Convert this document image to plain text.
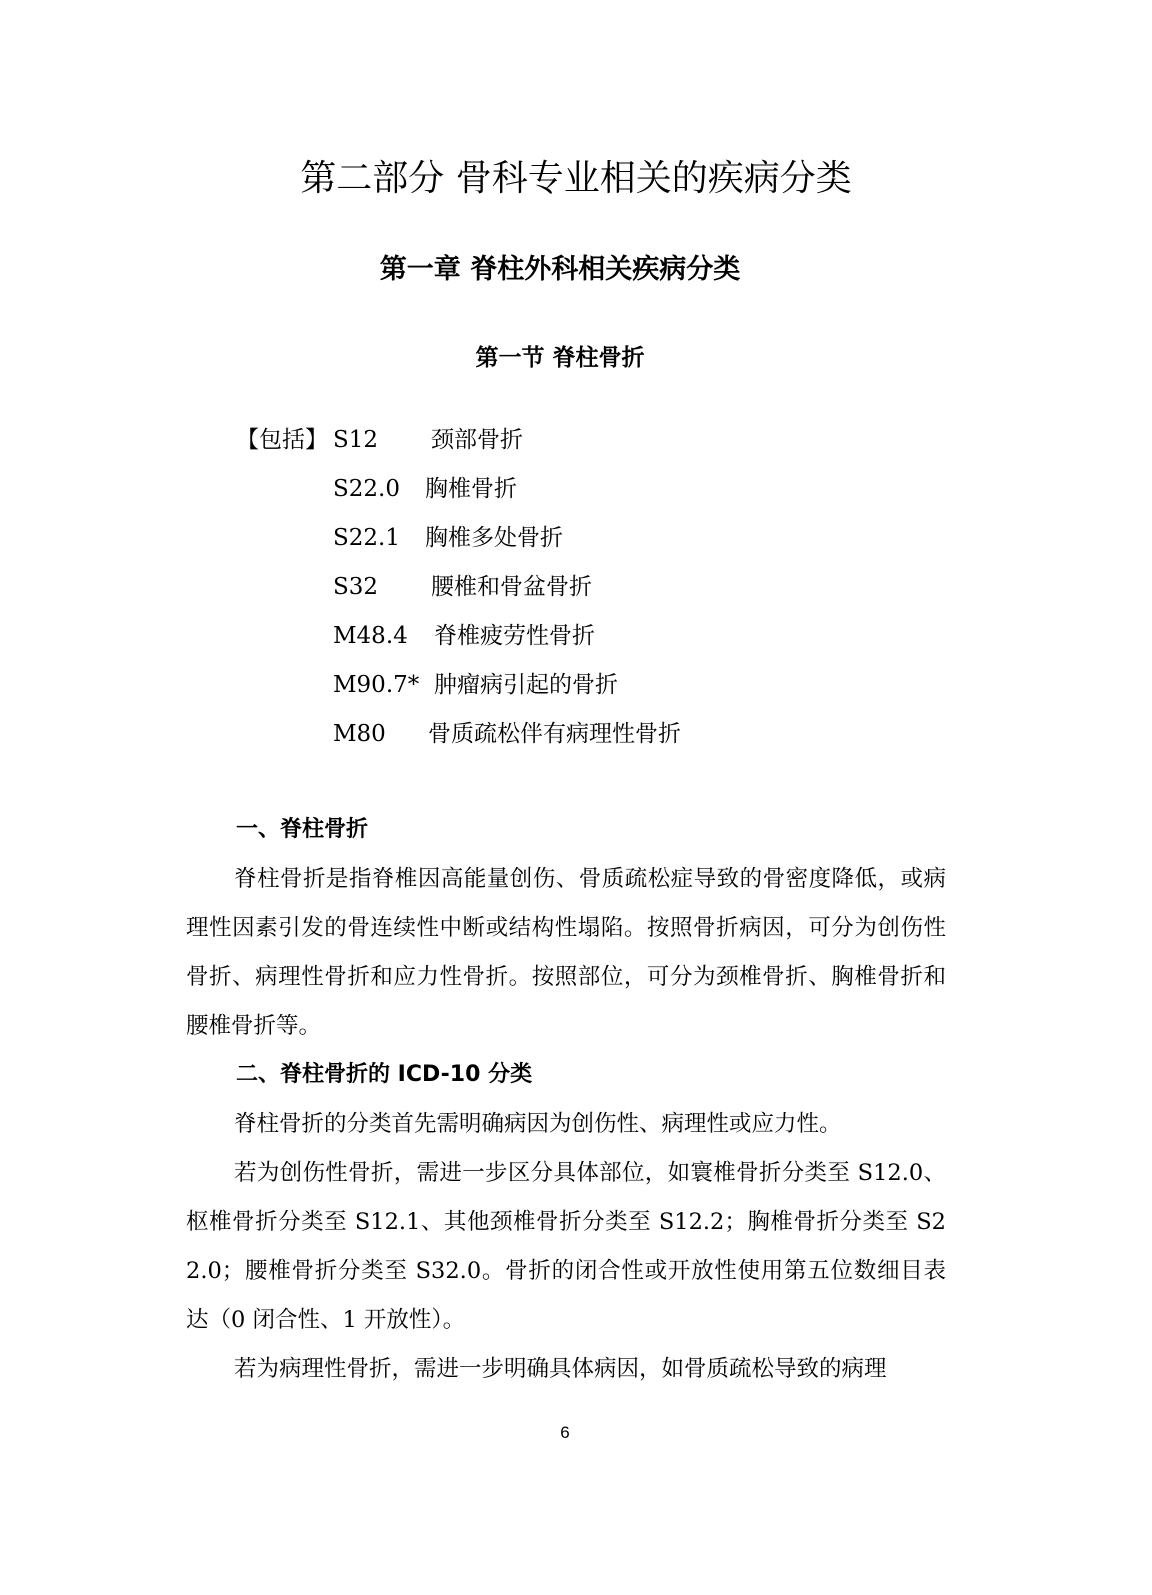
第二部分 骨科专业相关的疾病分类
第一章 脊柱外科相关疾病分类
第一节 脊柱骨折
【包括】 S12 颈部骨折
S22.0 胸椎骨折
S22.1 胸椎多处骨折
S32 腰椎和骨盆骨折
M48.4 脊椎疲劳性骨折
M90.7* 肿瘤病引起的骨折
M80 骨质疏松伴有病理性骨折
一、脊柱骨折

脊柱骨折是指脊椎因高能量创伤、骨质疏松症导致的骨密度降低，或病理性因素引发的骨连续性中断或结构性塌陷。按照骨折病因，可分为创伤性骨折、病理性骨折和应力性骨折。按照部位，可分为颈椎骨折、胸椎骨折和腰椎骨折等。

二、脊柱骨折的 ICD-10 分类

脊柱骨折的分类首先需明确病因为创伤性、病理性或应力性。

若为创伤性骨折，需进一步区分具体部位，如寰椎骨折分类至 S12.0、枢椎骨折分类至 S12.1、其他颈椎骨折分类至 S12.2；胸椎骨折分类至 S22.0；腰椎骨折分类至 S32.0。骨折的闭合性或开放性使用第五位数细目表达（0 闭合性、1 开放性）。

若为病理性骨折，需进一步明确具体病因，如骨质疏松导致的病理

6
